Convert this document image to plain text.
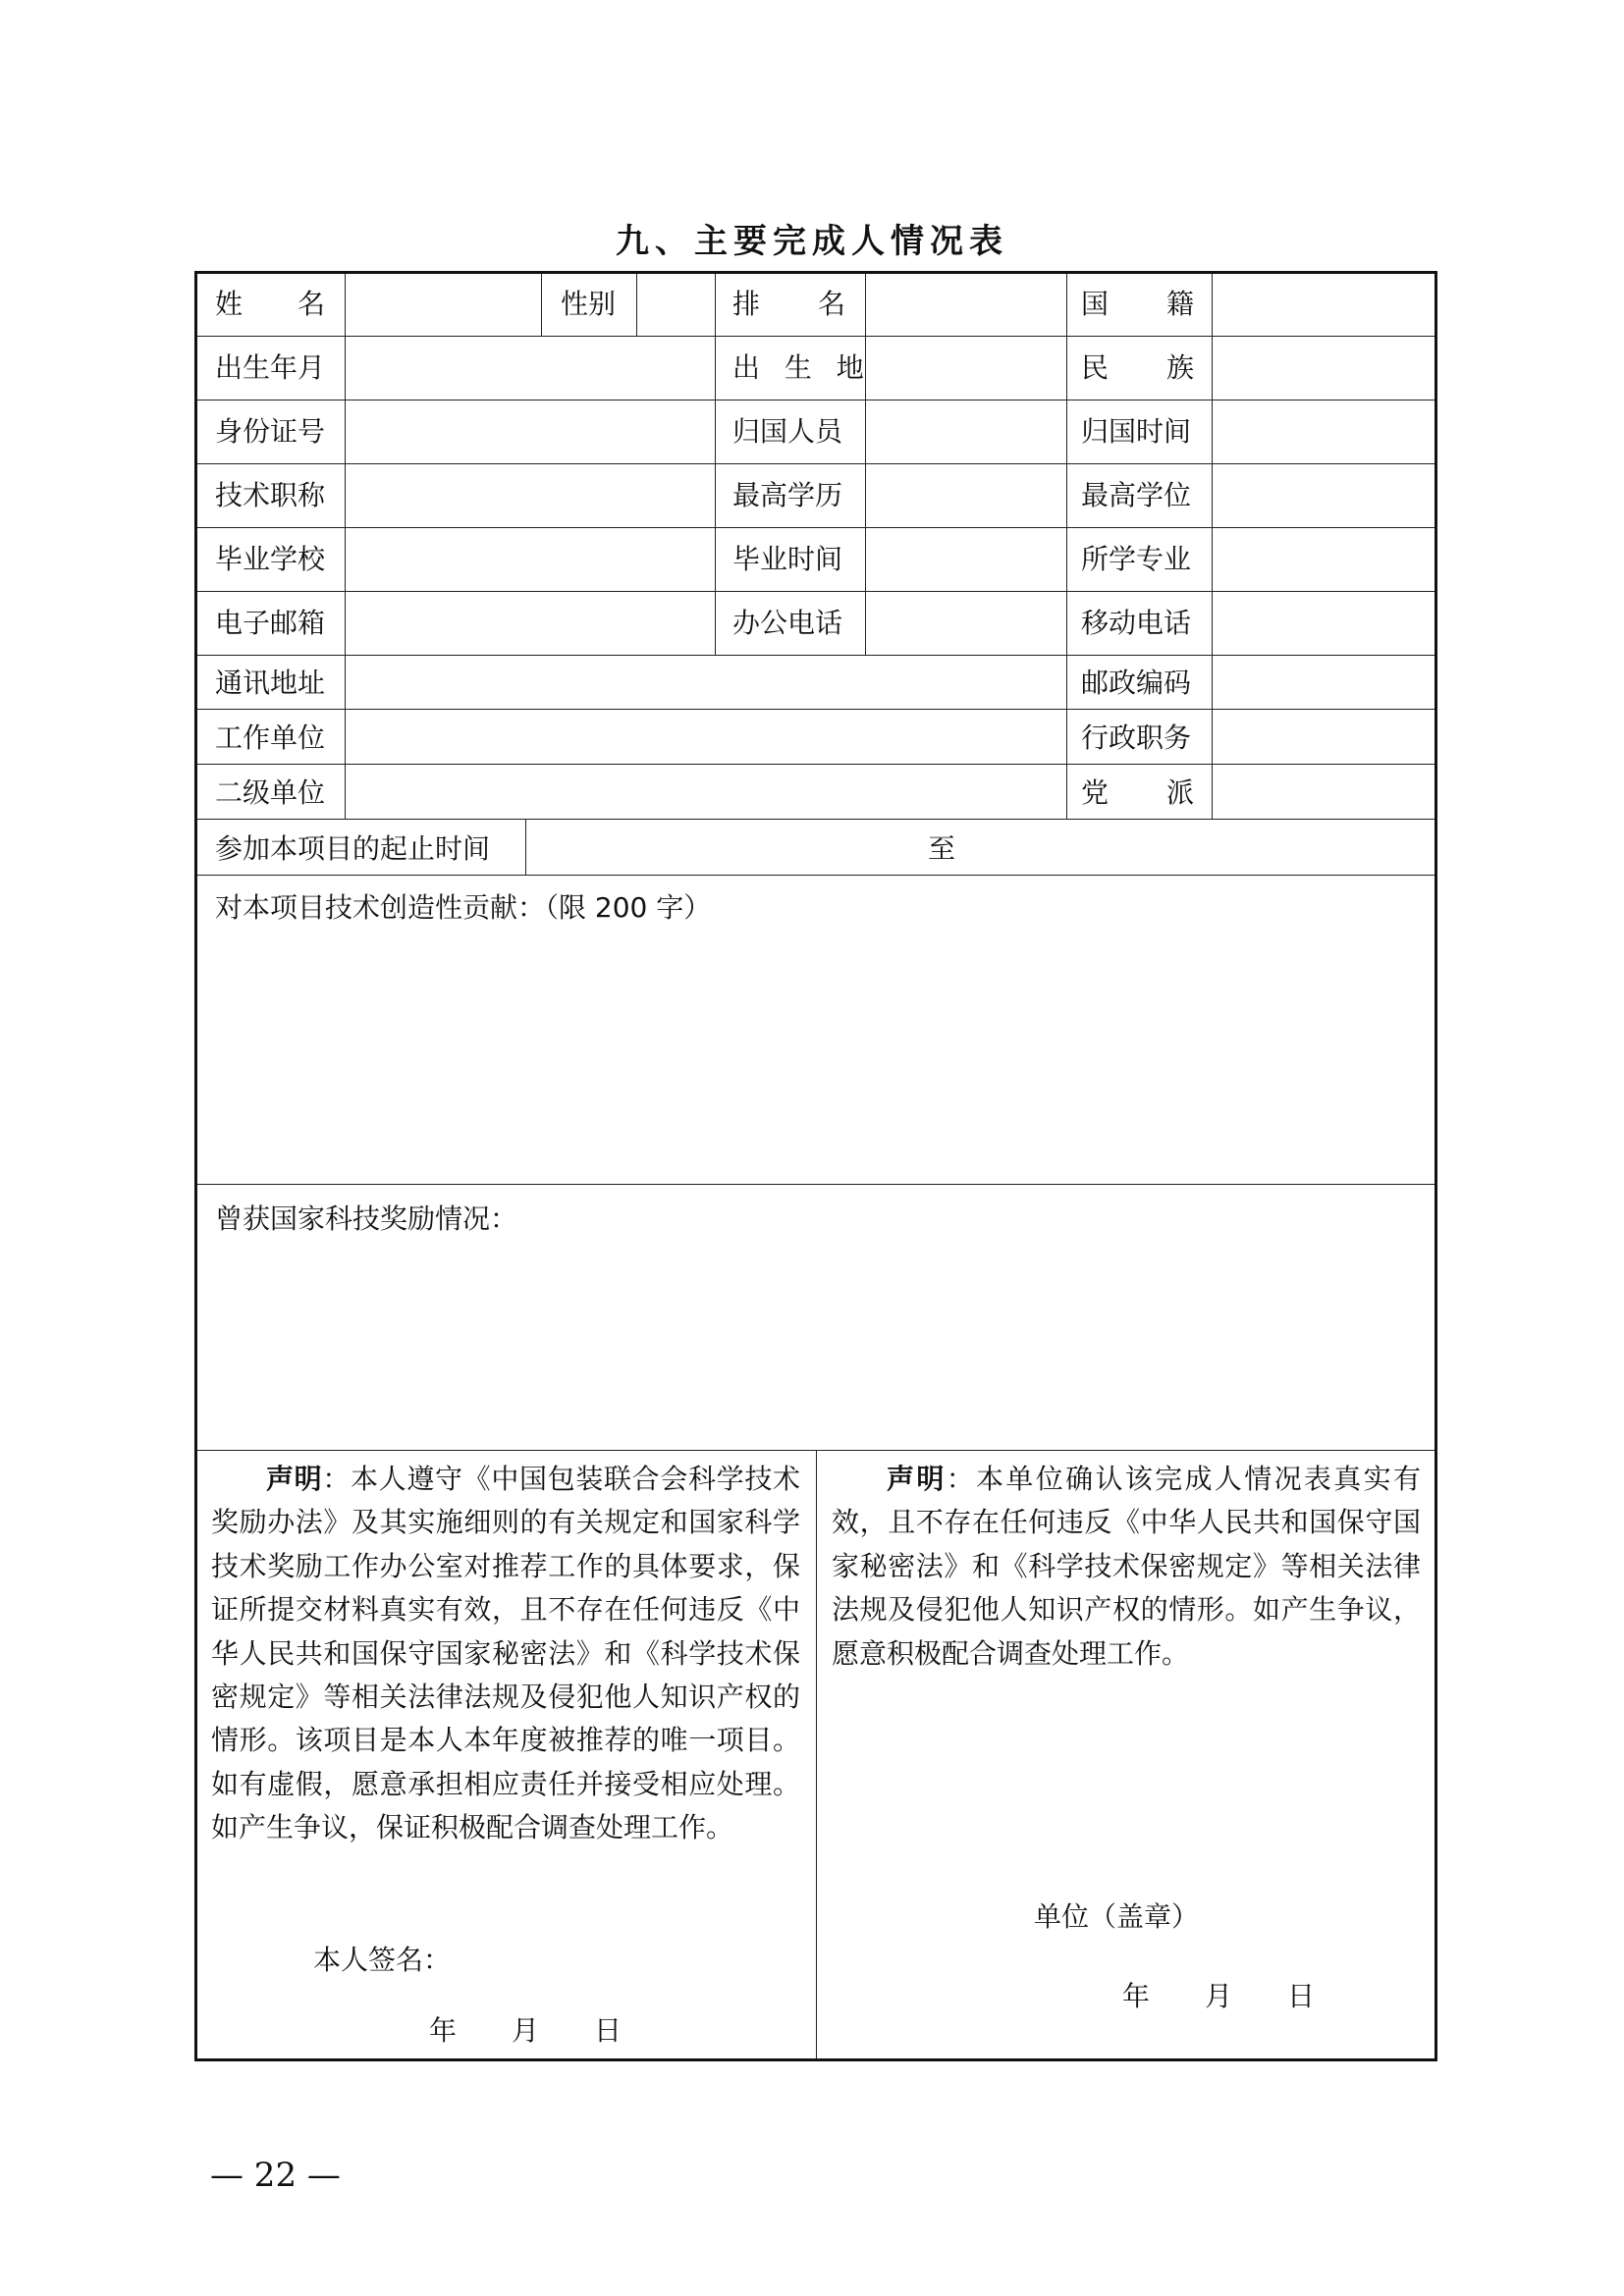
九、主要完成人情况表
姓 名	性别	排 名	国 籍
出生年月	出 生 地	民 族
身份证号	归国人员	归国时间
技术职称	最高学历	最高学位
毕业学校	毕业时间	所学专业
电子邮箱	办公电话	移动电话
通讯地址	邮政编码
工作单位	行政职务
二级单位	党 派
参加本项目的起止时间	至
对本项目技术创造性贡献：（限 200 字）
曾获国家科技奖励情况：
声明：本人遵守《中国包装联合会科学技术奖励办法》及其实施细则的有关规定和国家科学技术奖励工作办公室对推荐工作的具体要求，保证所提交材料真实有效，且不存在任何违反《中华人民共和国保守国家秘密法》和《科学技术保密规定》等相关法律法规及侵犯他人知识产权的情形。该项目是本人本年度被推荐的唯一项目。如有虚假，愿意承担相应责任并接受相应处理。如产生争议，保证积极配合调查处理工作。
本人签名：
年　　月　　日
声明：本单位确认该完成人情况表真实有效，且不存在任何违反《中华人民共和国保守国家秘密法》和《科学技术保密规定》等相关法律法规及侵犯他人知识产权的情形。如产生争议，愿意积极配合调查处理工作。
单位（盖章）
年　　月　　日
— 22 —
